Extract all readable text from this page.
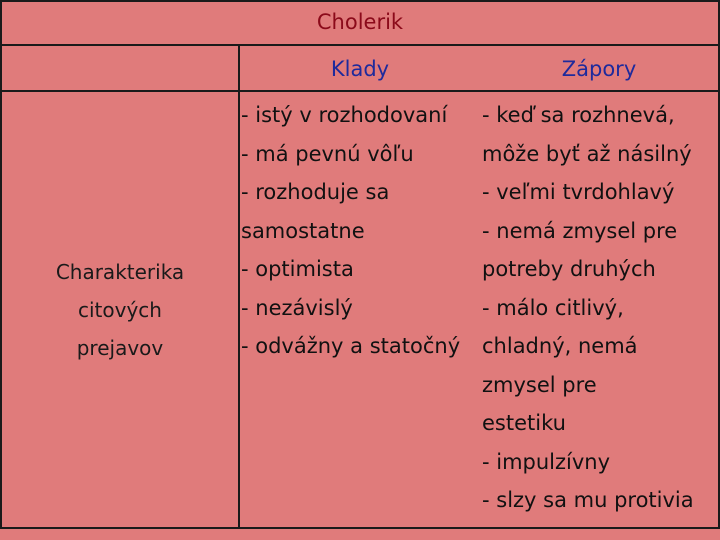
Cholerik
Klady	Zápory
Charakterika
citových
prejavov
- istý v rozhodovaní
- má pevnú vôľu
- rozhoduje sa
samostatne
- optimista
- nezávislý
- odvážny a statočný
- keď sa rozhnevá,
môže byť až násilný
- veľmi tvrdohlavý
- nemá zmysel pre
potreby druhých
- málo citlivý,
chladný, nemá
zmysel pre
estetiku
- impulzívny
- slzy sa mu protivia
